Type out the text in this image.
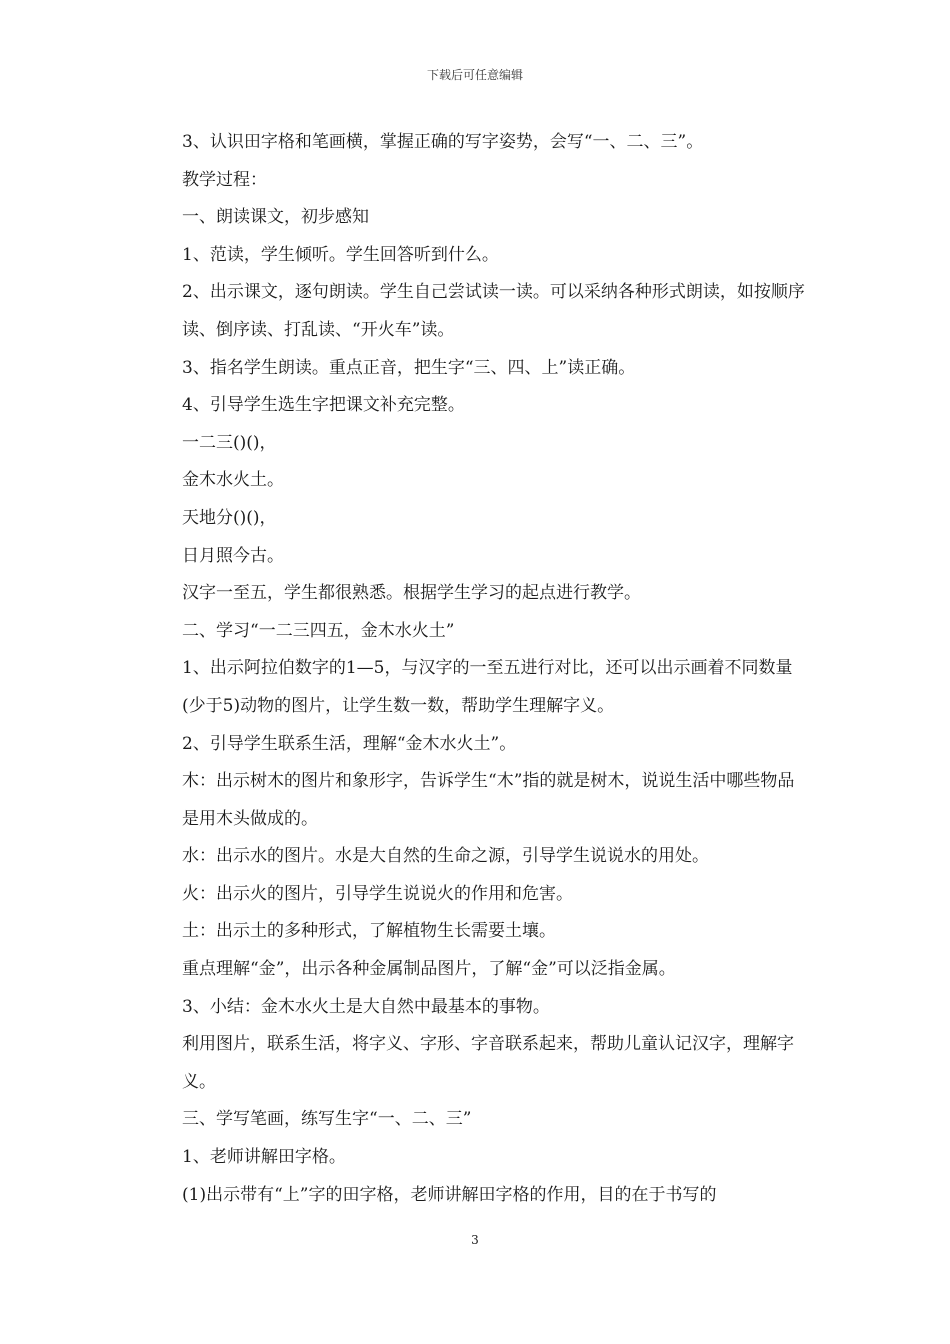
下载后可任意编辑

3、认识田字格和笔画横，掌握正确的写字姿势，会写“一、二、三”。

教学过程：

一、朗读课文，初步感知

1、范读，学生倾听。学生回答听到什么。

2、出示课文，逐句朗读。学生自己尝试读一读。可以采纳各种形式朗读，如按顺序读、倒序读、打乱读、“开火车”读。

3、指名学生朗读。重点正音，把生字“三、四、上”读正确。

4、引导学生选生字把课文补充完整。

一二三()()，

金木水火土。

天地分()()，

日月照今古。

汉字一至五，学生都很熟悉。根据学生学习的起点进行教学。

二、学习“一二三四五，金木水火土”

1、出示阿拉伯数字的1—5，与汉字的一至五进行对比，还可以出示画着不同数量(少于5)动物的图片，让学生数一数，帮助学生理解字义。

2、引导学生联系生活，理解“金木水火土”。

木：出示树木的图片和象形字，告诉学生“木”指的就是树木，说说生活中哪些物品是用木头做成的。

水：出示水的图片。水是大自然的生命之源，引导学生说说水的用处。

火：出示火的图片，引导学生说说火的作用和危害。

土：出示土的多种形式，了解植物生长需要土壤。

重点理解“金”，出示各种金属制品图片，了解“金”可以泛指金属。

3、小结：金木水火土是大自然中最基本的事物。

利用图片，联系生活，将字义、字形、字音联系起来，帮助儿童认记汉字，理解字义。

三、学写笔画，练写生字“一、二、三”

1、老师讲解田字格。

(1)出示带有“上”字的田字格，老师讲解田字格的作用，目的在于书写的

3
